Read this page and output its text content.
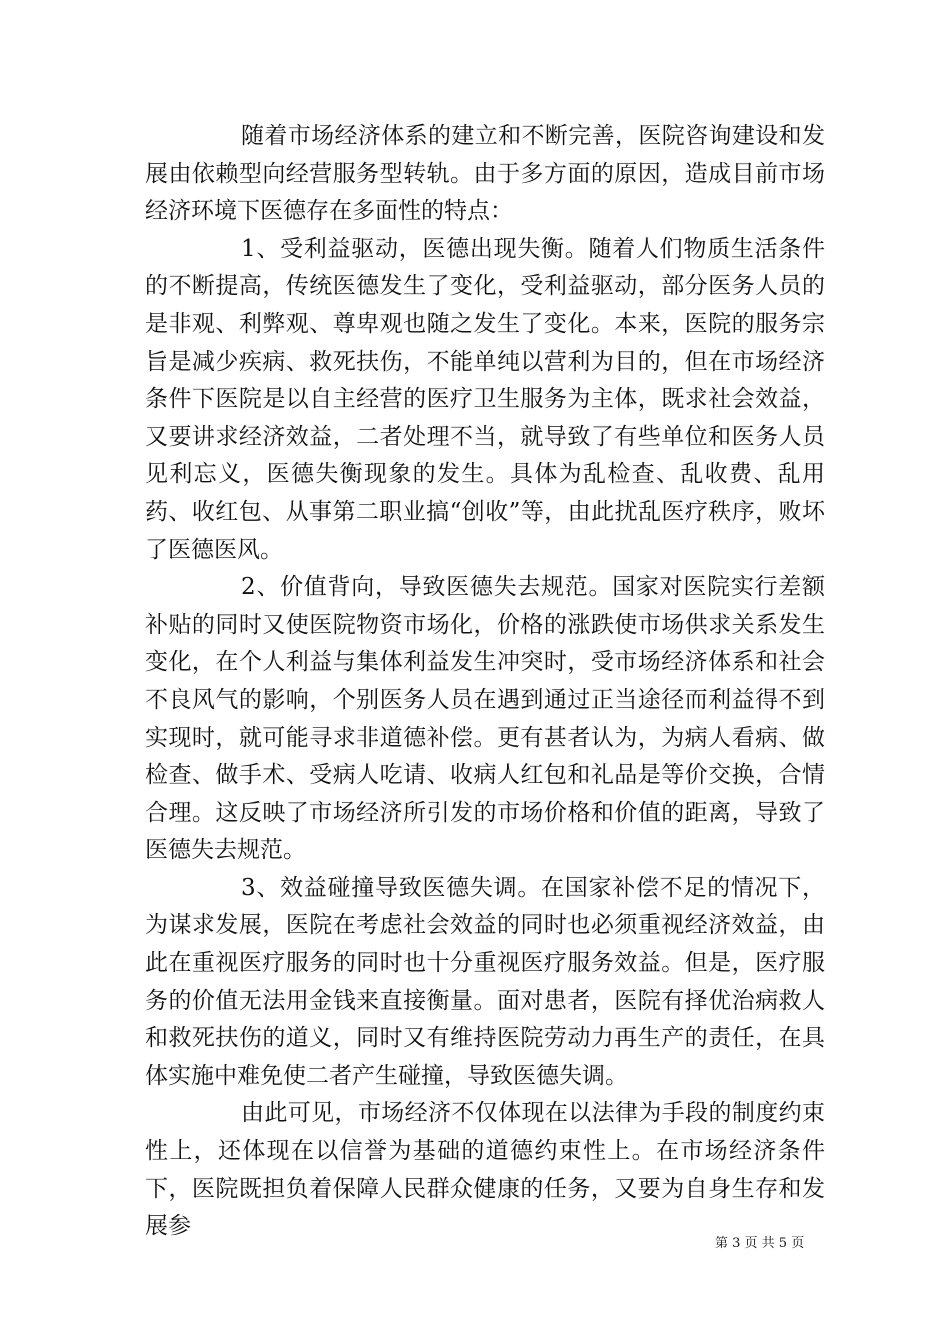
随着市场经济体系的建立和不断完善，医院咨询建设和发展由依赖型向经营服务型转轨。由于多方面的原因，造成目前市场经济环境下医德存在多面性的特点：

1、受利益驱动，医德出现失衡。随着人们物质生活条件的不断提高，传统医德发生了变化，受利益驱动，部分医务人员的是非观、利弊观、尊卑观也随之发生了变化。本来，医院的服务宗旨是减少疾病、救死扶伤，不能单纯以营利为目的，但在市场经济条件下医院是以自主经营的医疗卫生服务为主体，既求社会效益，又要讲求经济效益，二者处理不当，就导致了有些单位和医务人员见利忘义，医德失衡现象的发生。具体为乱检查、乱收费、乱用药、收红包、从事第二职业搞“创收”等，由此扰乱医疗秩序，败坏了医德医风。

2、价值背向，导致医德失去规范。国家对医院实行差额补贴的同时又使医院物资市场化，价格的涨跌使市场供求关系发生变化，在个人利益与集体利益发生冲突时，受市场经济体系和社会不良风气的影响，个别医务人员在遇到通过正当途径而利益得不到实现时，就可能寻求非道德补偿。更有甚者认为，为病人看病、做检查、做手术、受病人吃请、收病人红包和礼品是等价交换，合情合理。这反映了市场经济所引发的市场价格和价值的距离，导致了医德失去规范。

3、效益碰撞导致医德失调。在国家补偿不足的情况下，为谋求发展，医院在考虑社会效益的同时也必须重视经济效益，由此在重视医疗服务的同时也十分重视医疗服务效益。但是，医疗服务的价值无法用金钱来直接衡量。面对患者，医院有择优治病救人和救死扶伤的道义，同时又有维持医院劳动力再生产的责任，在具体实施中难免使二者产生碰撞，导致医德失调。

由此可见，市场经济不仅体现在以法律为手段的制度约束性上，还体现在以信誉为基础的道德约束性上。在市场经济条件下，医院既担负着保障人民群众健康的任务，又要为自身生存和发展参

第 3 页 共 5 页
